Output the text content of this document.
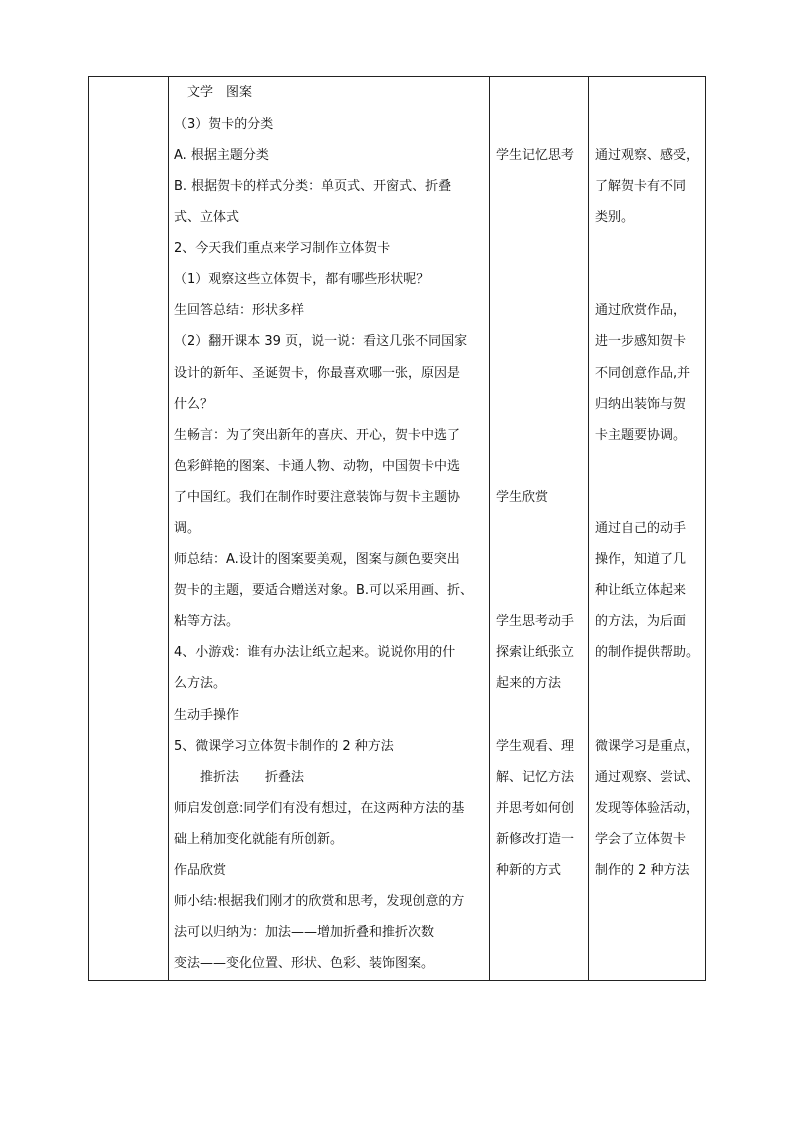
　文学　图案
（3）贺卡的分类
A. 根据主题分类
B. 根据贺卡的样式分类：单页式、开窗式、折叠
式、立体式
2、今天我们重点来学习制作立体贺卡
（1）观察这些立体贺卡，都有哪些形状呢？
生回答总结：形状多样
（2）翻开课本 39 页，说一说：看这几张不同国家
设计的新年、圣诞贺卡，你最喜欢哪一张，原因是
什么？
生畅言：为了突出新年的喜庆、开心，贺卡中选了
色彩鲜艳的图案、卡通人物、动物，中国贺卡中选
了中国红。我们在制作时要注意装饰与贺卡主题协
调。
师总结：A.设计的图案要美观，图案与颜色要突出
贺卡的主题，要适合赠送对象。B.可以采用画、折、
粘等方法。
4、小游戏：谁有办法让纸立起来。说说你用的什
么方法。
生动手操作
5、微课学习立体贺卡制作的 2 种方法
　　推折法　　折叠法
师启发创意:同学们有没有想过，在这两种方法的基
础上稍加变化就能有所创新。
作品欣赏
师小结:根据我们刚才的欣赏和思考，发现创意的方
法可以归纳为：加法——增加折叠和推折次数
变法——变化位置、形状、色彩、装饰图案。
学生记忆思考
学生欣赏
学生思考动手
探索让纸张立
起来的方法
学生观看、理
解、记忆方法
并思考如何创
新修改打造一
种新的方式
通过观察、感受，
了解贺卡有不同
类别。
通过欣赏作品，
进一步感知贺卡
不同创意作品,并
归纳出装饰与贺
卡主题要协调。
通过自己的动手
操作，知道了几
种让纸立体起来
的方法，为后面
的制作提供帮助。
微课学习是重点，
通过观察、尝试、
发现等体验活动，
学会了立体贺卡
制作的 2 种方法
